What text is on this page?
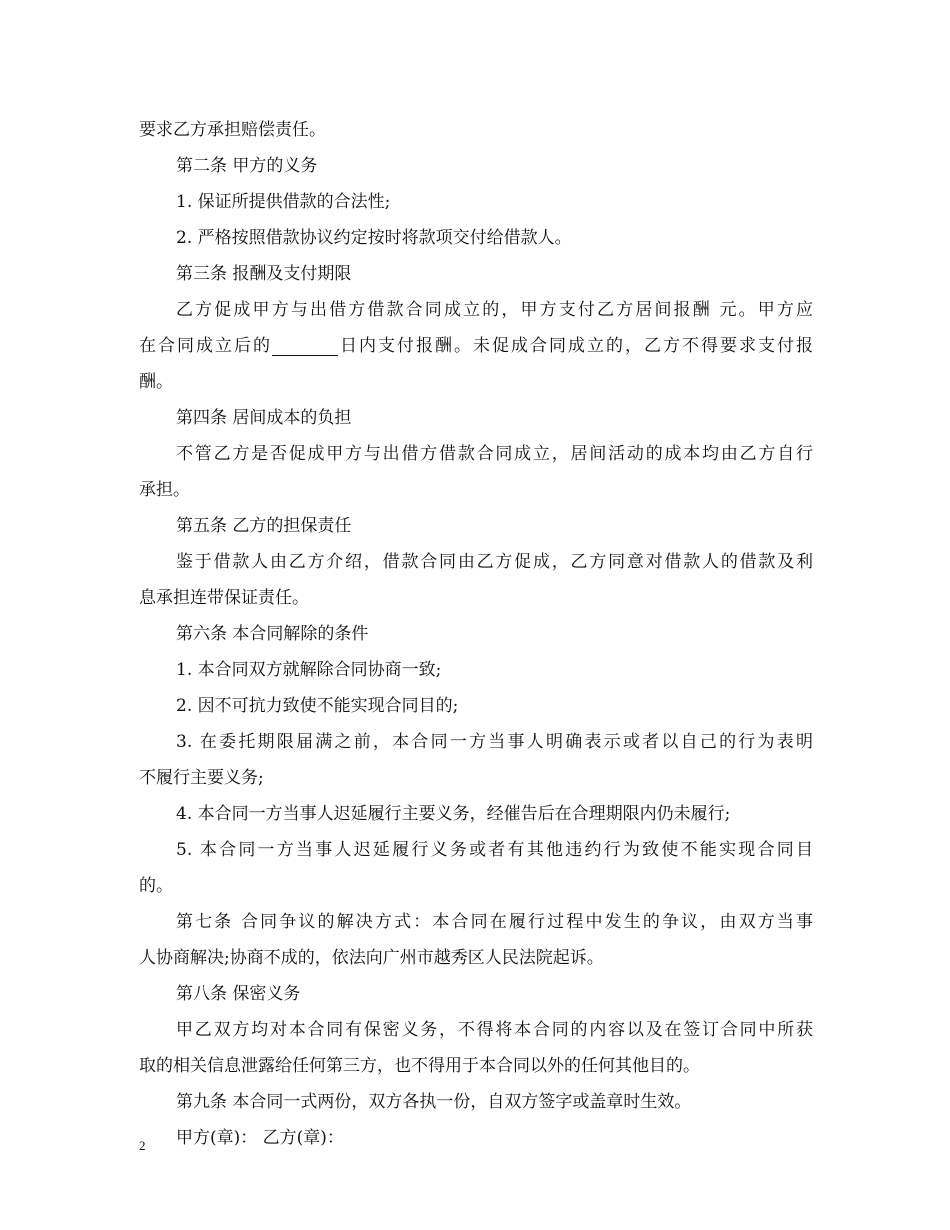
要求乙方承担赔偿责任。
第二条 甲方的义务
1. 保证所提供借款的合法性;
2. 严格按照借款协议约定按时将款项交付给借款人。
第三条 报酬及支付期限
乙方促成甲方与出借方借款合同成立的，甲方支付乙方居间报酬 元。甲方应
在合同成立后的	日内支付报酬。未促成合同成立的，乙方不得要求支付报
酬。
第四条 居间成本的负担
不管乙方是否促成甲方与出借方借款合同成立，居间活动的成本均由乙方自行
承担。
第五条 乙方的担保责任
鉴于借款人由乙方介绍，借款合同由乙方促成，乙方同意对借款人的借款及利
息承担连带保证责任。
第六条 本合同解除的条件
1. 本合同双方就解除合同协商一致;
2. 因不可抗力致使不能实现合同目的;
3. 在委托期限届满之前，本合同一方当事人明确表示或者以自己的行为表明
不履行主要义务;
4. 本合同一方当事人迟延履行主要义务，经催告后在合理期限内仍未履行;
5. 本合同一方当事人迟延履行义务或者有其他违约行为致使不能实现合同目
的。
第七条 合同争议的解决方式：本合同在履行过程中发生的争议，由双方当事
人协商解决;协商不成的，依法向广州市越秀区人民法院起诉。
第八条 保密义务
甲乙双方均对本合同有保密义务，不得将本合同的内容以及在签订合同中所获
取的相关信息泄露给任何第三方，也不得用于本合同以外的任何其他目的。
第九条 本合同一式两份，双方各执一份，自双方签字或盖章时生效。
甲方(章)： 乙方(章)：
2
